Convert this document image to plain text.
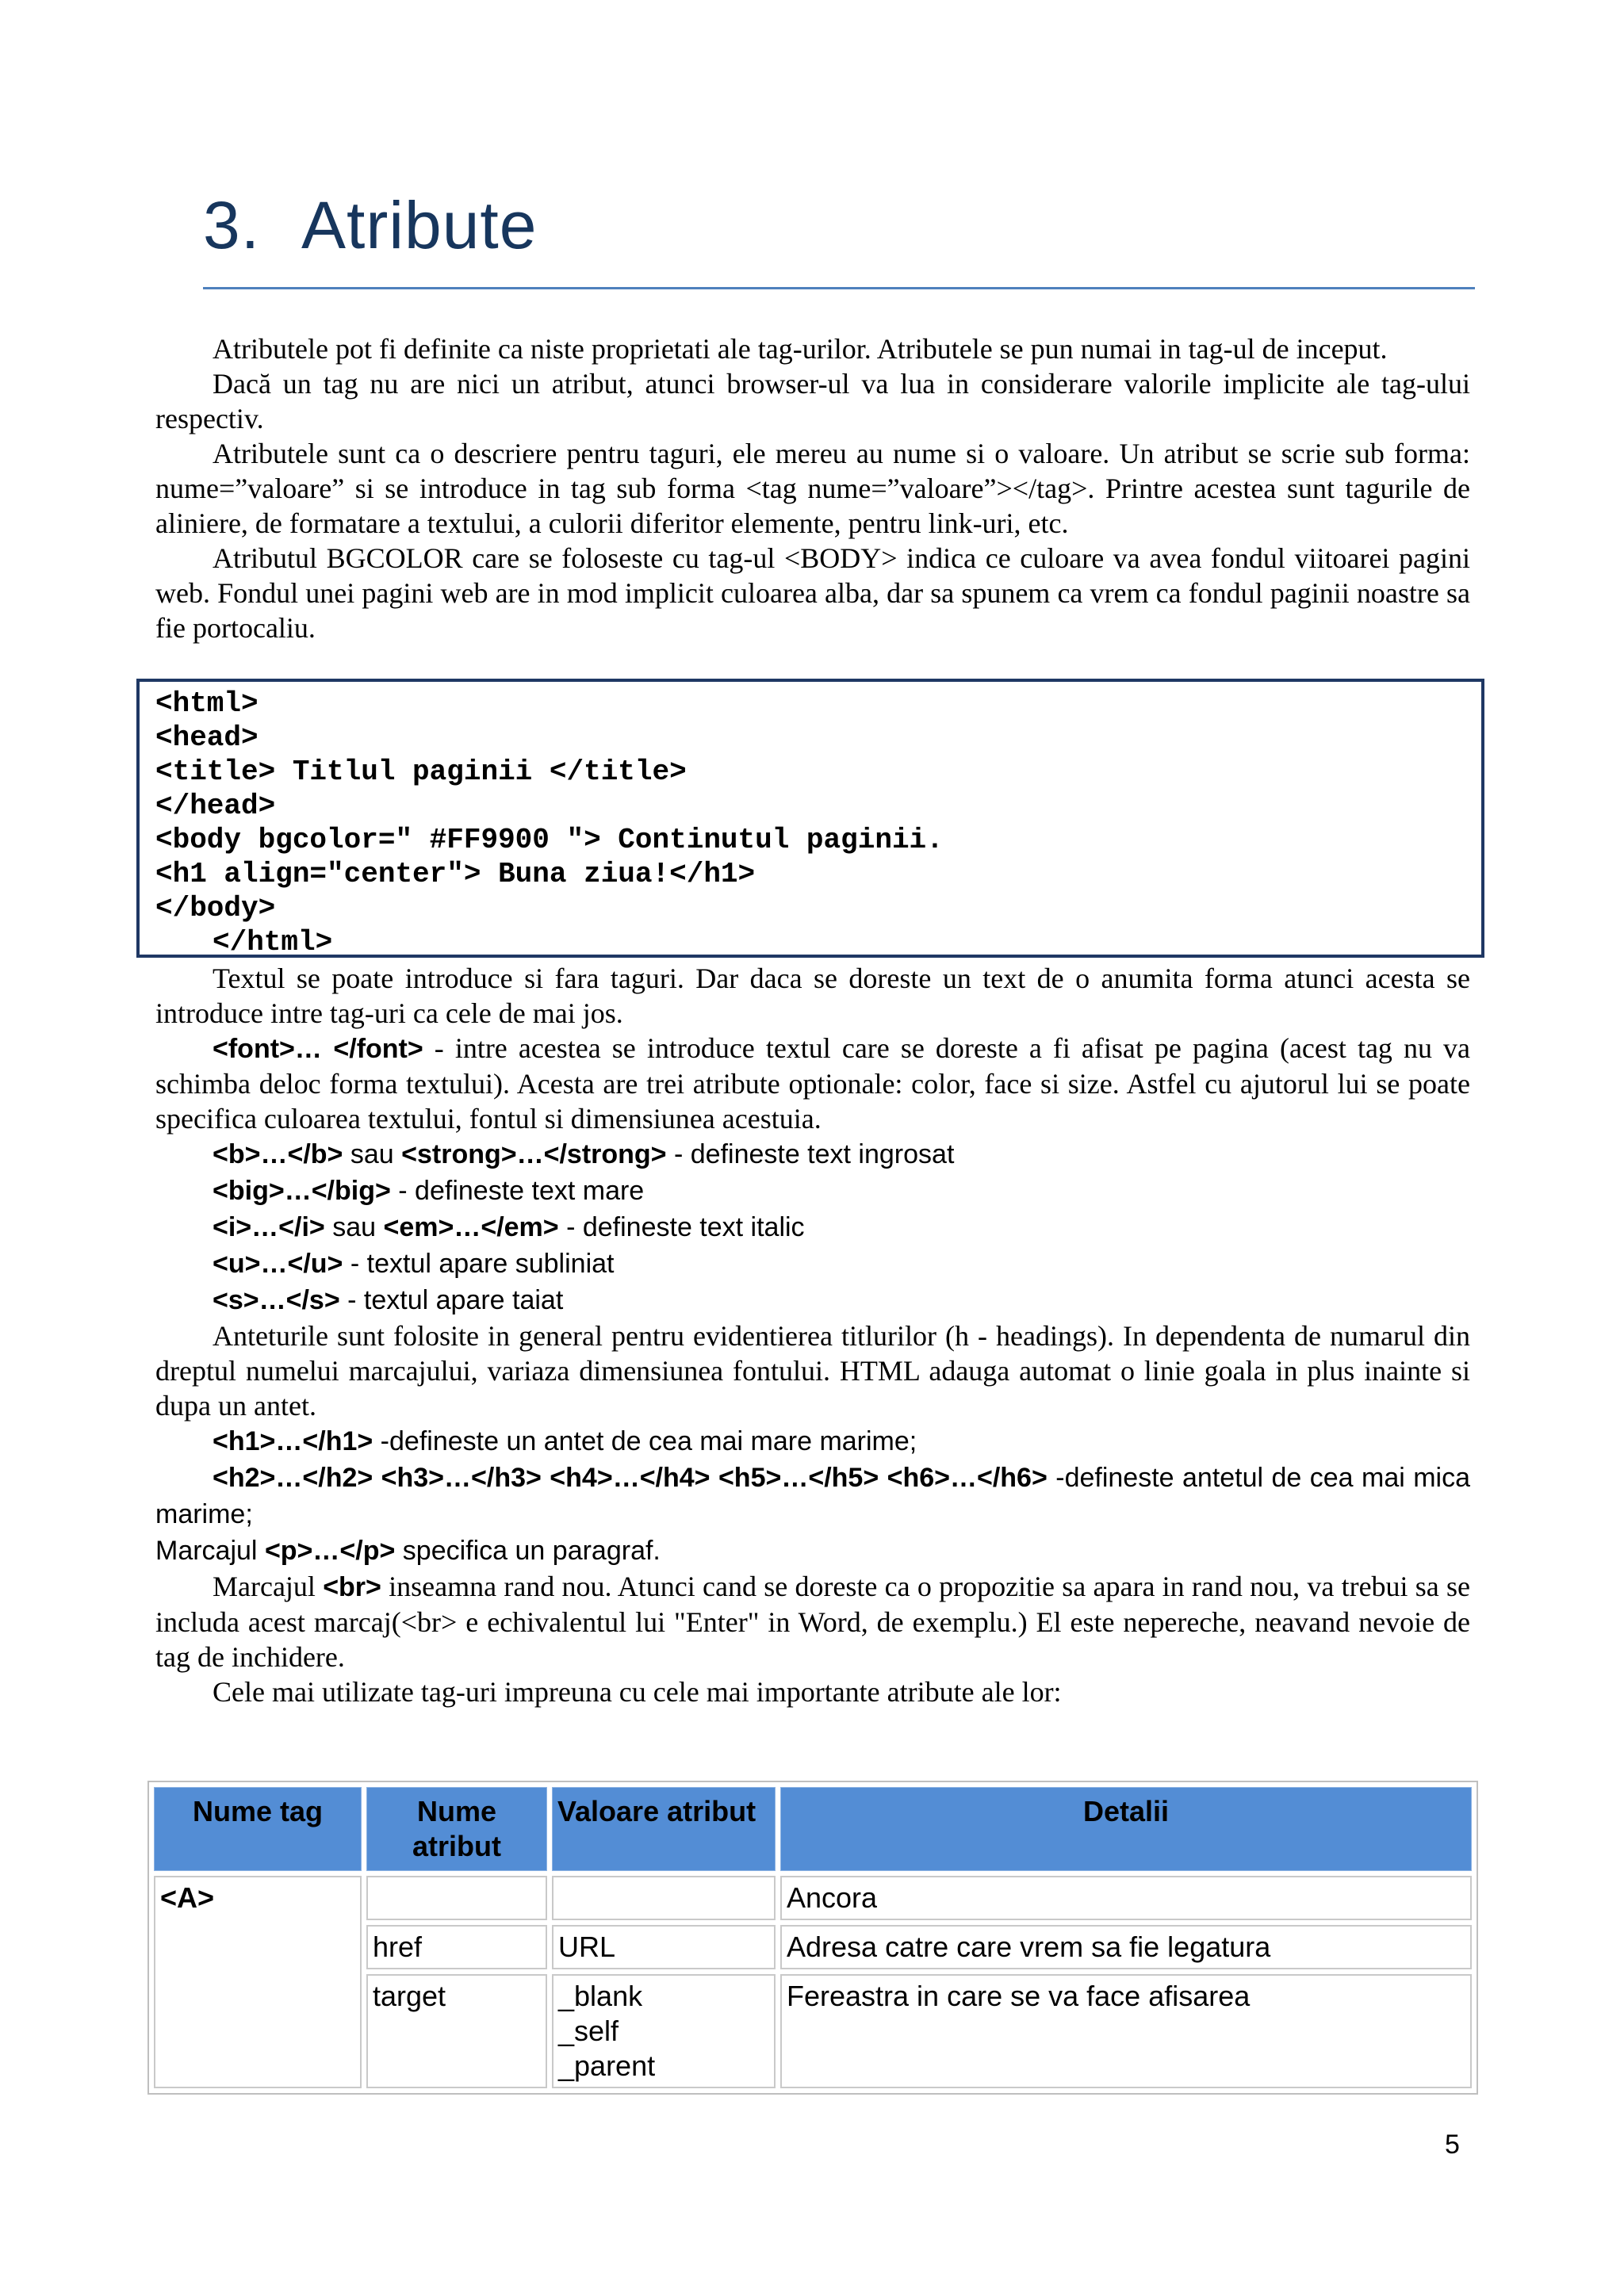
3. Atribute

Atributele pot fi definite ca niste proprietati ale tag-urilor. Atributele se pun numai in tag-ul de inceput.

Dacă un tag nu are nici un atribut, atunci browser-ul va lua in considerare valorile implicite ale tag-ului respectiv.

Atributele sunt ca o descriere pentru taguri, ele mereu au nume si o valoare. Un atribut se scrie sub forma: nume=”valoare” si se introduce in tag sub forma <tag nume=”valoare”></tag>. Printre acestea sunt tagurile de aliniere, de formatare a textului, a culorii diferitor elemente, pentru link-uri, etc.

Atributul BGCOLOR care se foloseste cu tag-ul <BODY> indica ce culoare va avea fondul viitoarei pagini web. Fondul unei pagini web are in mod implicit culoarea alba, dar sa spunem ca vrem ca fondul paginii noastre sa fie portocaliu.

<html>
<head>
<title> Titlul paginii </title>
</head>
<body bgcolor=" #FF9900 "> Continutul paginii.
<h1 align="center"> Buna ziua!</h1>
</body>
</html>

Textul se poate introduce si fara taguri. Dar daca se doreste un text de o anumita forma atunci acesta se introduce intre tag-uri ca cele de mai jos.

<font>… </font> - intre acestea se introduce textul care se doreste a fi afisat pe pagina (acest tag nu va schimba deloc forma textului). Acesta are trei atribute optionale: color, face si size. Astfel cu ajutorul lui se poate specifica culoarea textului, fontul si dimensiunea acestuia.

<b>…</b> sau <strong>…</strong> - defineste text ingrosat

<big>…</big> - defineste text mare

<i>…</i> sau <em>…</em> - defineste text italic

<u>…</u> - textul apare subliniat

<s>…</s> - textul apare taiat

Anteturile sunt folosite in general pentru evidentierea titlurilor (h - headings). In dependenta de numarul din dreptul numelui marcajului, variaza dimensiunea fontului. HTML adauga automat o linie goala in plus inainte si dupa un antet.

<h1>…</h1> -defineste un antet de cea mai mare marime;

<h2>…</h2> <h3>…</h3> <h4>…</h4> <h5>…</h5> <h6>…</h6> -defineste antetul de cea mai mica marime;

Marcajul <p>…</p> specifica un paragraf.

Marcajul <br> inseamna rand nou. Atunci cand se doreste ca o propozitie sa apara in rand nou, va trebui sa se includa acest marcaj(<br> e echivalentul lui "Enter" in Word, de exemplu.) El este nepereche, neavand nevoie de tag de inchidere.

Cele mai utilizate tag-uri impreuna cu cele mai importante atribute ale lor:

Nume tag	Nume atribut	Valoare atribut	Detalii
<A>			Ancora
	href	URL	Adresa catre care vrem sa fie legatura
	target	_blank
_self
_parent	Fereastra in care se va face afisarea
5
